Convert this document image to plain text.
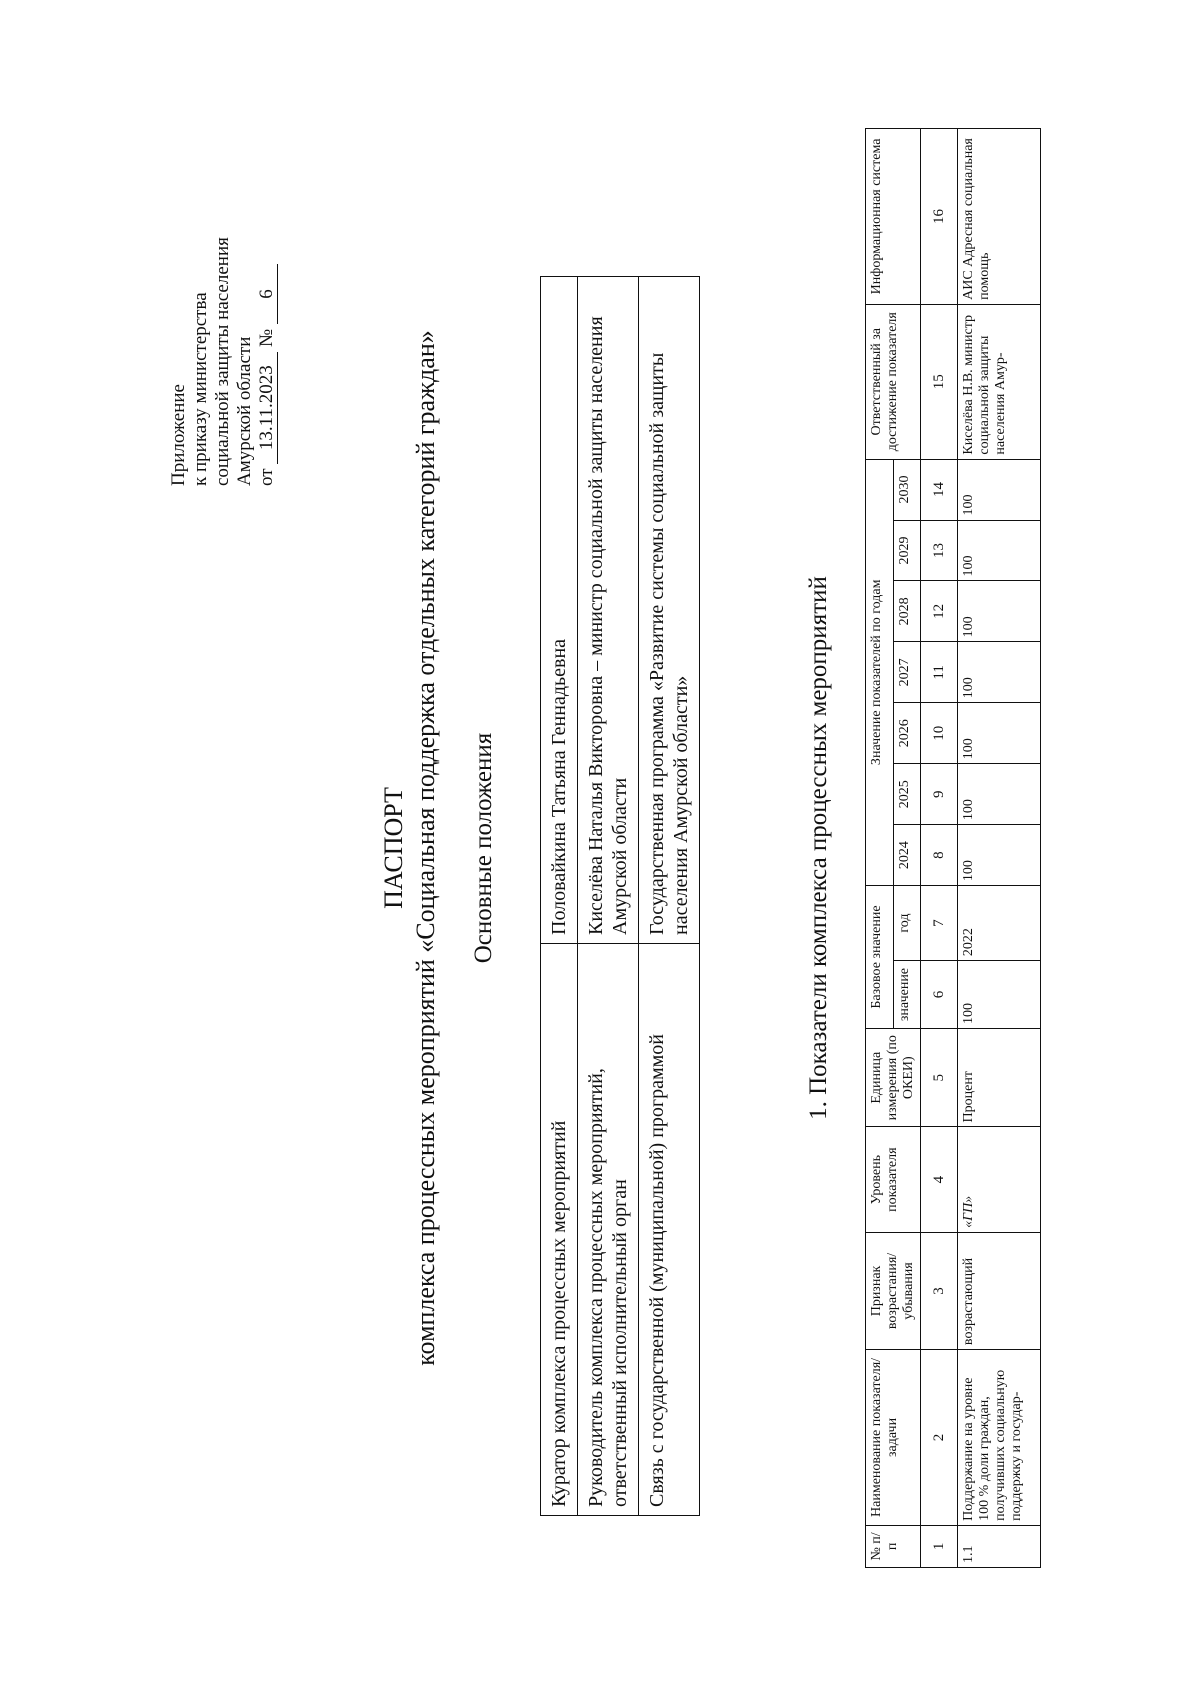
Приложение к приказу министерства социальной защиты населения Амурской области от 13.11.2023 № 6
ПАСПОРТ комплекса процессных мероприятий «Социальная поддержка отдельных категорий граждан» Основные положения
Куратор комплекса процессных мероприятий	Половайкина Татьяна Геннадьевна
Руководитель комплекса процессных мероприятий, ответственный исполнительный орган	Киселёва Наталья Викторовна – министр социальной защиты населения Амурской области
Связь с государственной (муниципальной) программой	Государственная программа «Развитие системы социальной защиты населения Амурской области»	1. Показатели комплекса процессных мероприятий
№ п/п	Наименование показателя/задачи	Признак возрастания/убывания	Уровень показателя	Единица измерения (по ОКЕИ)	Базовое значение		Значение показателей по годам							Ответственный за достижение показателя	Информационная система
					значение	год	2024	2025	2026	2027	2028	2029	2030		
1	2	3	4	5	6	7	8	9	10	11	12	13	14	15	16
1.1	Поддержание на уровне 100 % доли граждан, получивших социальную поддержку и государ-	возрастающий	«ГП»	Процент	100	2022	100	100	100	100	100	100	100	Киселёва Н.В. министр социальной защиты населения Амур-	АИС Адресная социальная помощь
